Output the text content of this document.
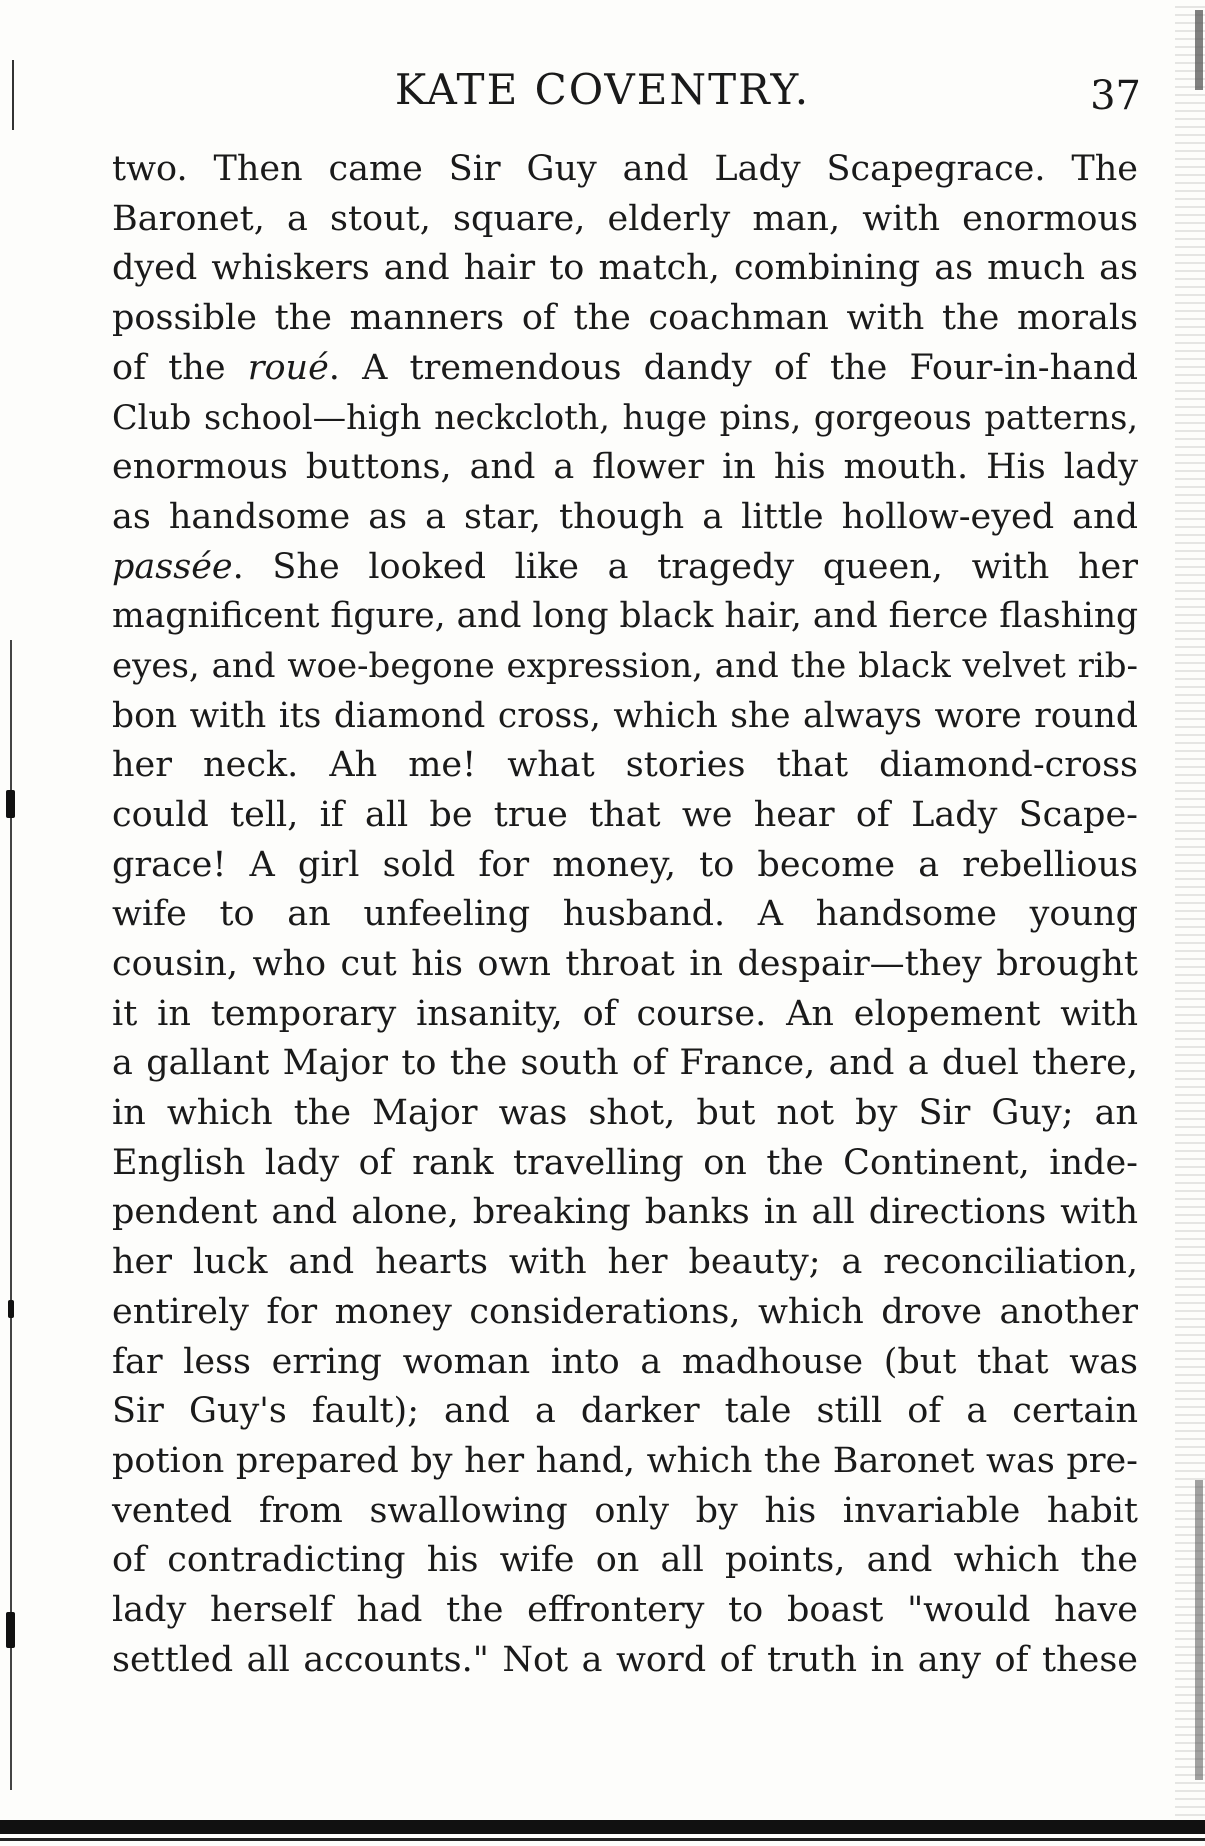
KATE COVENTRY.	37
two. Then came Sir Guy and Lady Scapegrace. The
Baronet, a stout, square, elderly man, with enormous
dyed whiskers and hair to match, combining as much as
possible the manners of the coachman with the morals
of the roué. A tremendous dandy of the Four-in-hand
Club school—high neckcloth, huge pins, gorgeous patterns,
enormous buttons, and a flower in his mouth. His lady
as handsome as a star, though a little hollow-eyed and
passée. She looked like a tragedy queen, with her
magnificent figure, and long black hair, and fierce flashing
eyes, and woe-begone expression, and the black velvet rib-
bon with its diamond cross, which she always wore round
her neck. Ah me! what stories that diamond-cross
could tell, if all be true that we hear of Lady Scape-
grace! A girl sold for money, to become a rebellious
wife to an unfeeling husband. A handsome young
cousin, who cut his own throat in despair—they brought
it in temporary insanity, of course. An elopement with
a gallant Major to the south of France, and a duel there,
in which the Major was shot, but not by Sir Guy; an
English lady of rank travelling on the Continent, inde-
pendent and alone, breaking banks in all directions with
her luck and hearts with her beauty; a reconciliation,
entirely for money considerations, which drove another
far less erring woman into a madhouse (but that was
Sir Guy's fault); and a darker tale still of a certain
potion prepared by her hand, which the Baronet was pre-
vented from swallowing only by his invariable habit
of contradicting his wife on all points, and which the
lady herself had the effrontery to boast "would have
settled all accounts." Not a word of truth in any of these
